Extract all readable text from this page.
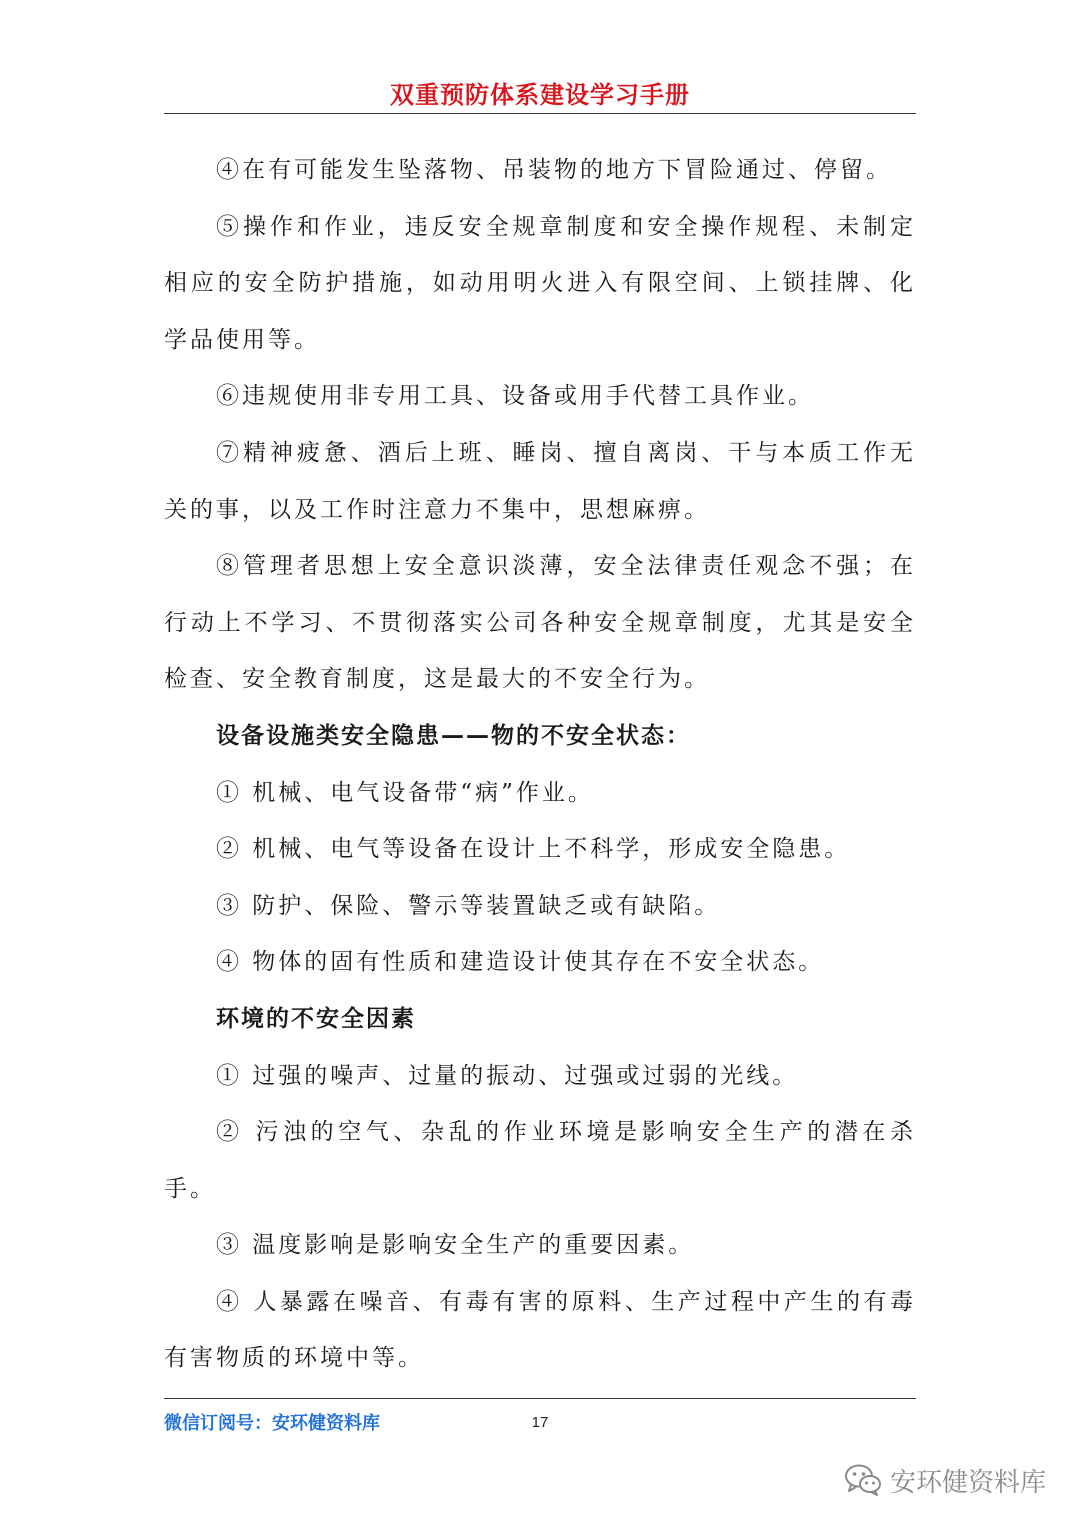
双重预防体系建设学习手册

④在有可能发生坠落物、吊装物的地方下冒险通过、停留。

⑤操作和作业，违反安全规章制度和安全操作规程、未制定相应的安全防护措施，如动用明火进入有限空间、上锁挂牌、化学品使用等。

⑥违规使用非专用工具、设备或用手代替工具作业。

⑦精神疲惫、酒后上班、睡岗、擅自离岗、干与本质工作无关的事，以及工作时注意力不集中，思想麻痹。

⑧管理者思想上安全意识淡薄，安全法律责任观念不强；在行动上不学习、不贯彻落实公司各种安全规章制度，尤其是安全检查、安全教育制度，这是最大的不安全行为。

设备设施类安全隐患——物的不安全状态：

① 机械、电气设备带“病”作业。

② 机械、电气等设备在设计上不科学，形成安全隐患。

③ 防护、保险、警示等装置缺乏或有缺陷。

④ 物体的固有性质和建造设计使其存在不安全状态。

环境的不安全因素

① 过强的噪声、过量的振动、过强或过弱的光线。

② 污浊的空气、杂乱的作业环境是影响安全生产的潜在杀手。

③ 温度影响是影响安全生产的重要因素。

④ 人暴露在噪音、有毒有害的原料、生产过程中产生的有毒有害物质的环境中等。

微信订阅号：安环健资料库	17
安环健资料库
